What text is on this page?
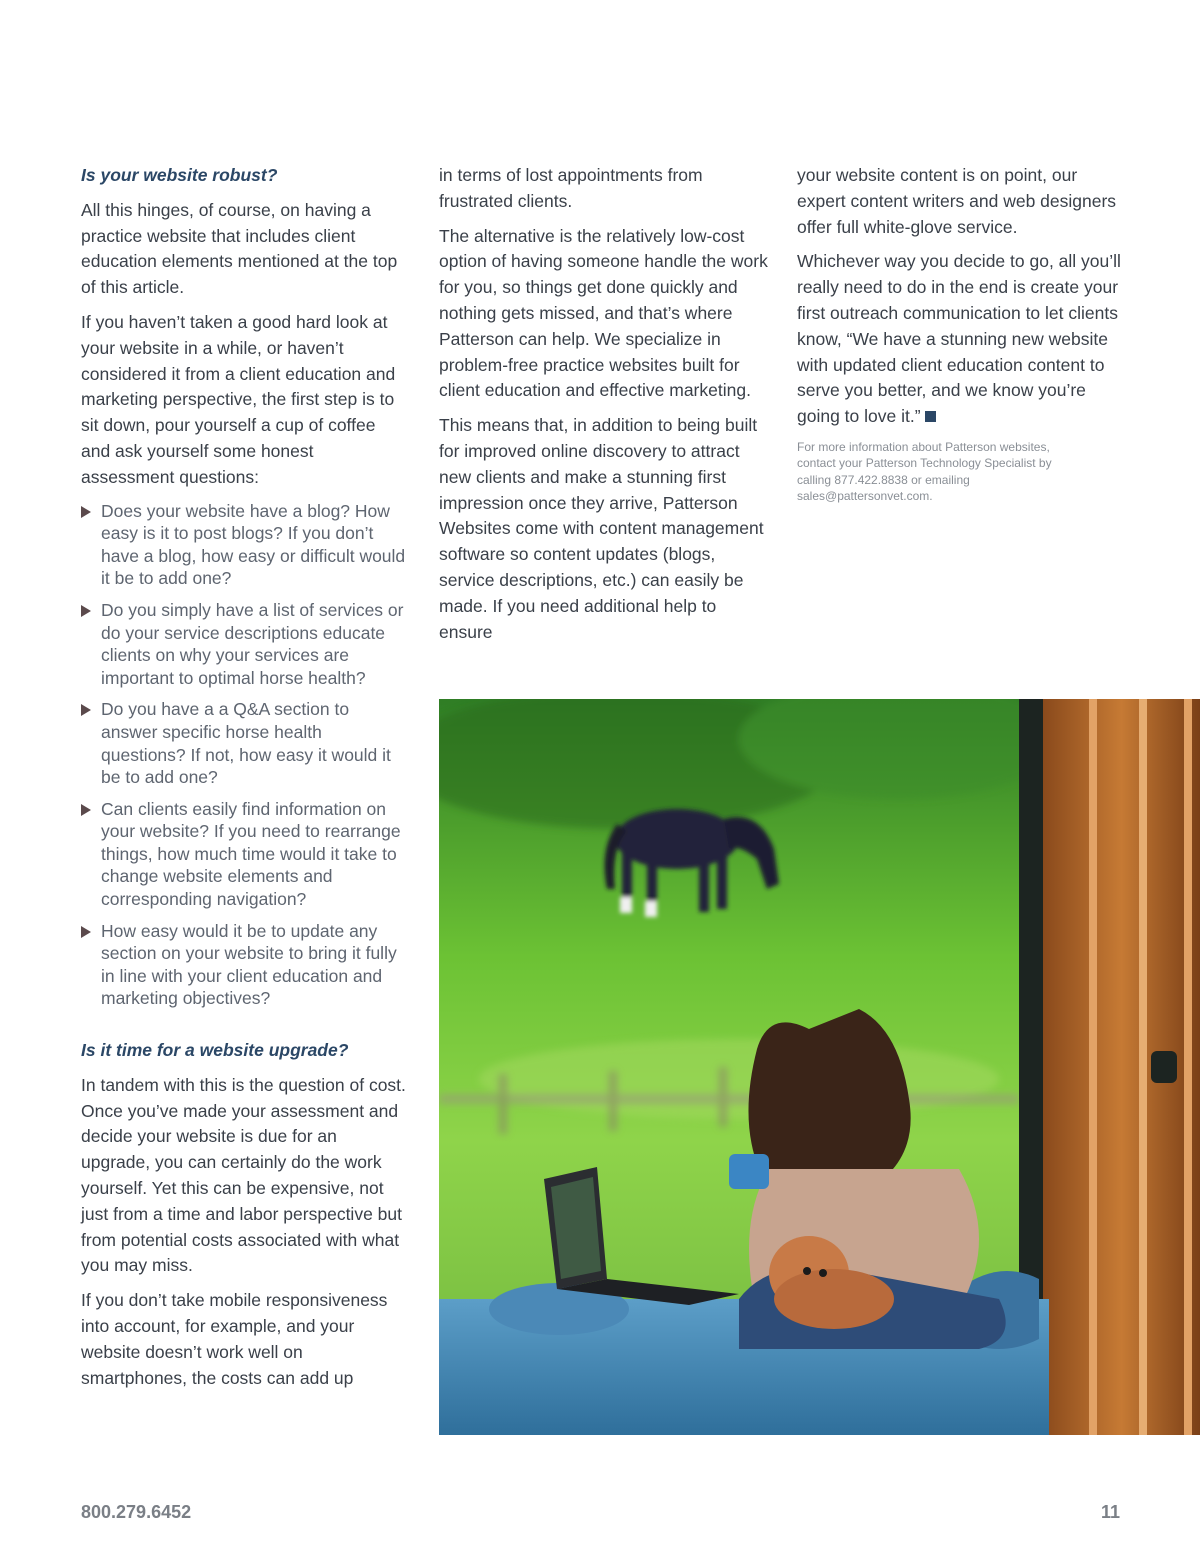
Is your website robust?

All this hinges, of course, on having a practice website that includes client education elements mentioned at the top of this article.

If you haven’t taken a good hard look at your website in a while, or haven’t considered it from a client education and marketing perspective, the first step is to sit down, pour yourself a cup of coffee and ask yourself some honest assessment questions:

Does your website have a blog? How easy is it to post blogs? If you don’t have a blog, how easy or difficult would it be to add one?
Do you simply have a list of services or do your service descriptions educate clients on why your services are important to optimal horse health?
Do you have a a Q&A section to answer specific horse health questions? If not, how easy it would it be to add one?
Can clients easily find information on your website? If you need to rearrange things, how much time would it take to change website elements and corresponding navigation?
How easy would it be to update any section on your website to bring it fully in line with your client education and marketing objectives?
Is it time for a website upgrade?

In tandem with this is the question of cost. Once you’ve made your assessment and decide your website is due for an upgrade, you can certainly do the work yourself. Yet this can be expensive, not just from a time and labor perspective but from potential costs associated with what you may miss.

If you don’t take mobile responsiveness into account, for example, and your website doesn’t work well on smartphones, the costs can add up

in terms of lost appointments from frustrated clients.

The alternative is the relatively low-cost option of having someone handle the work for you, so things get done quickly and nothing gets missed, and that’s where Patterson can help. We specialize in problem-free practice websites built for client education and effective marketing.

This means that, in addition to being built for improved online discovery to attract new clients and make a stunning first impression once they arrive, Patterson Websites come with content management software so content updates (blogs, service descriptions, etc.) can easily be made. If you need additional help to ensure

your website content is on point, our expert content writers and web designers offer full white-glove service.

Whichever way you decide to go, all you’ll really need to do in the end is create your first outreach communication to let clients know, “We have a stunning new website with updated client education content to serve you better, and we know you’re going to love it.”

For more information about Patterson websites, contact your Patterson Technology Specialist by calling 877.422.8838 or emailing sales@pattersonvet.com.
800.279.6452	11
